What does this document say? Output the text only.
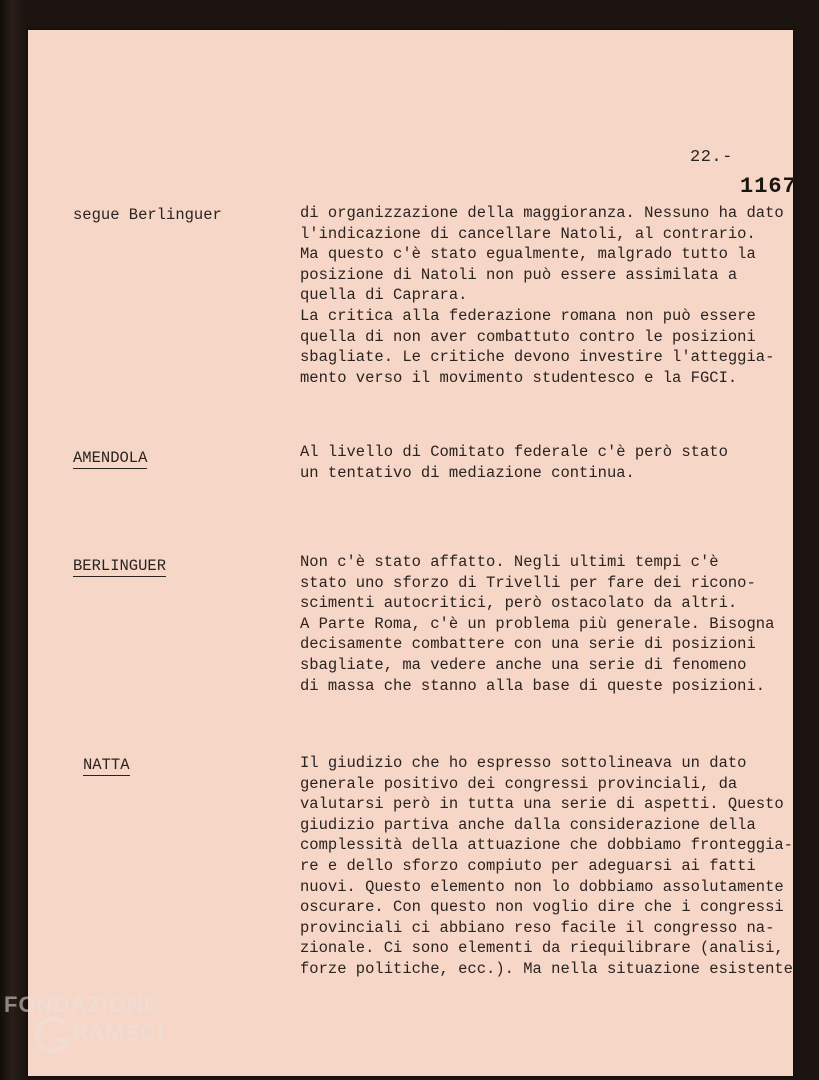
22.-
1167
segue Berlinguer	di organizzazione della maggioranza. Nessuno ha dato
l'indicazione di cancellare Natoli, al contrario.
Ma questo c'è stato egualmente, malgrado tutto la
posizione di Natoli non può essere assimilata a
quella di Caprara.
La critica alla federazione romana non può essere
quella di non aver combattuto contro le posizioni
sbagliate. Le critiche devono investire l'atteggia-
mento verso il movimento studentesco e la FGCI.
AMENDOLA	Al livello di Comitato federale c'è però stato
un tentativo di mediazione continua.
BERLINGUER	Non c'è stato affatto. Negli ultimi tempi c'è
stato uno sforzo di Trivelli per fare dei ricono-
scimenti autocritici, però ostacolato da altri.
A Parte Roma, c'è un problema più generale. Bisogna
decisamente combattere con una serie di posizioni
sbagliate, ma vedere anche una serie di fenomeno
di massa che stanno alla base di queste posizioni.
NATTA	Il giudizio che ho espresso sottolineava un dato
generale positivo dei congressi provinciali, da
valutarsi però in tutta una serie di aspetti. Questo
giudizio partiva anche dalla considerazione della
complessità della attuazione che dobbiamo fronteggia-
re e dello sforzo compiuto per adeguarsi ai fatti
nuovi. Questo elemento non lo dobbiamo assolutamente
oscurare. Con questo non voglio dire che i congressi
provinciali ci abbiano reso facile il congresso na-
zionale. Ci sono elementi da riequilibrare (analisi,
forze politiche, ecc.). Ma nella situazione esistente
FONDAZIONE
RAMSCI
onlus
